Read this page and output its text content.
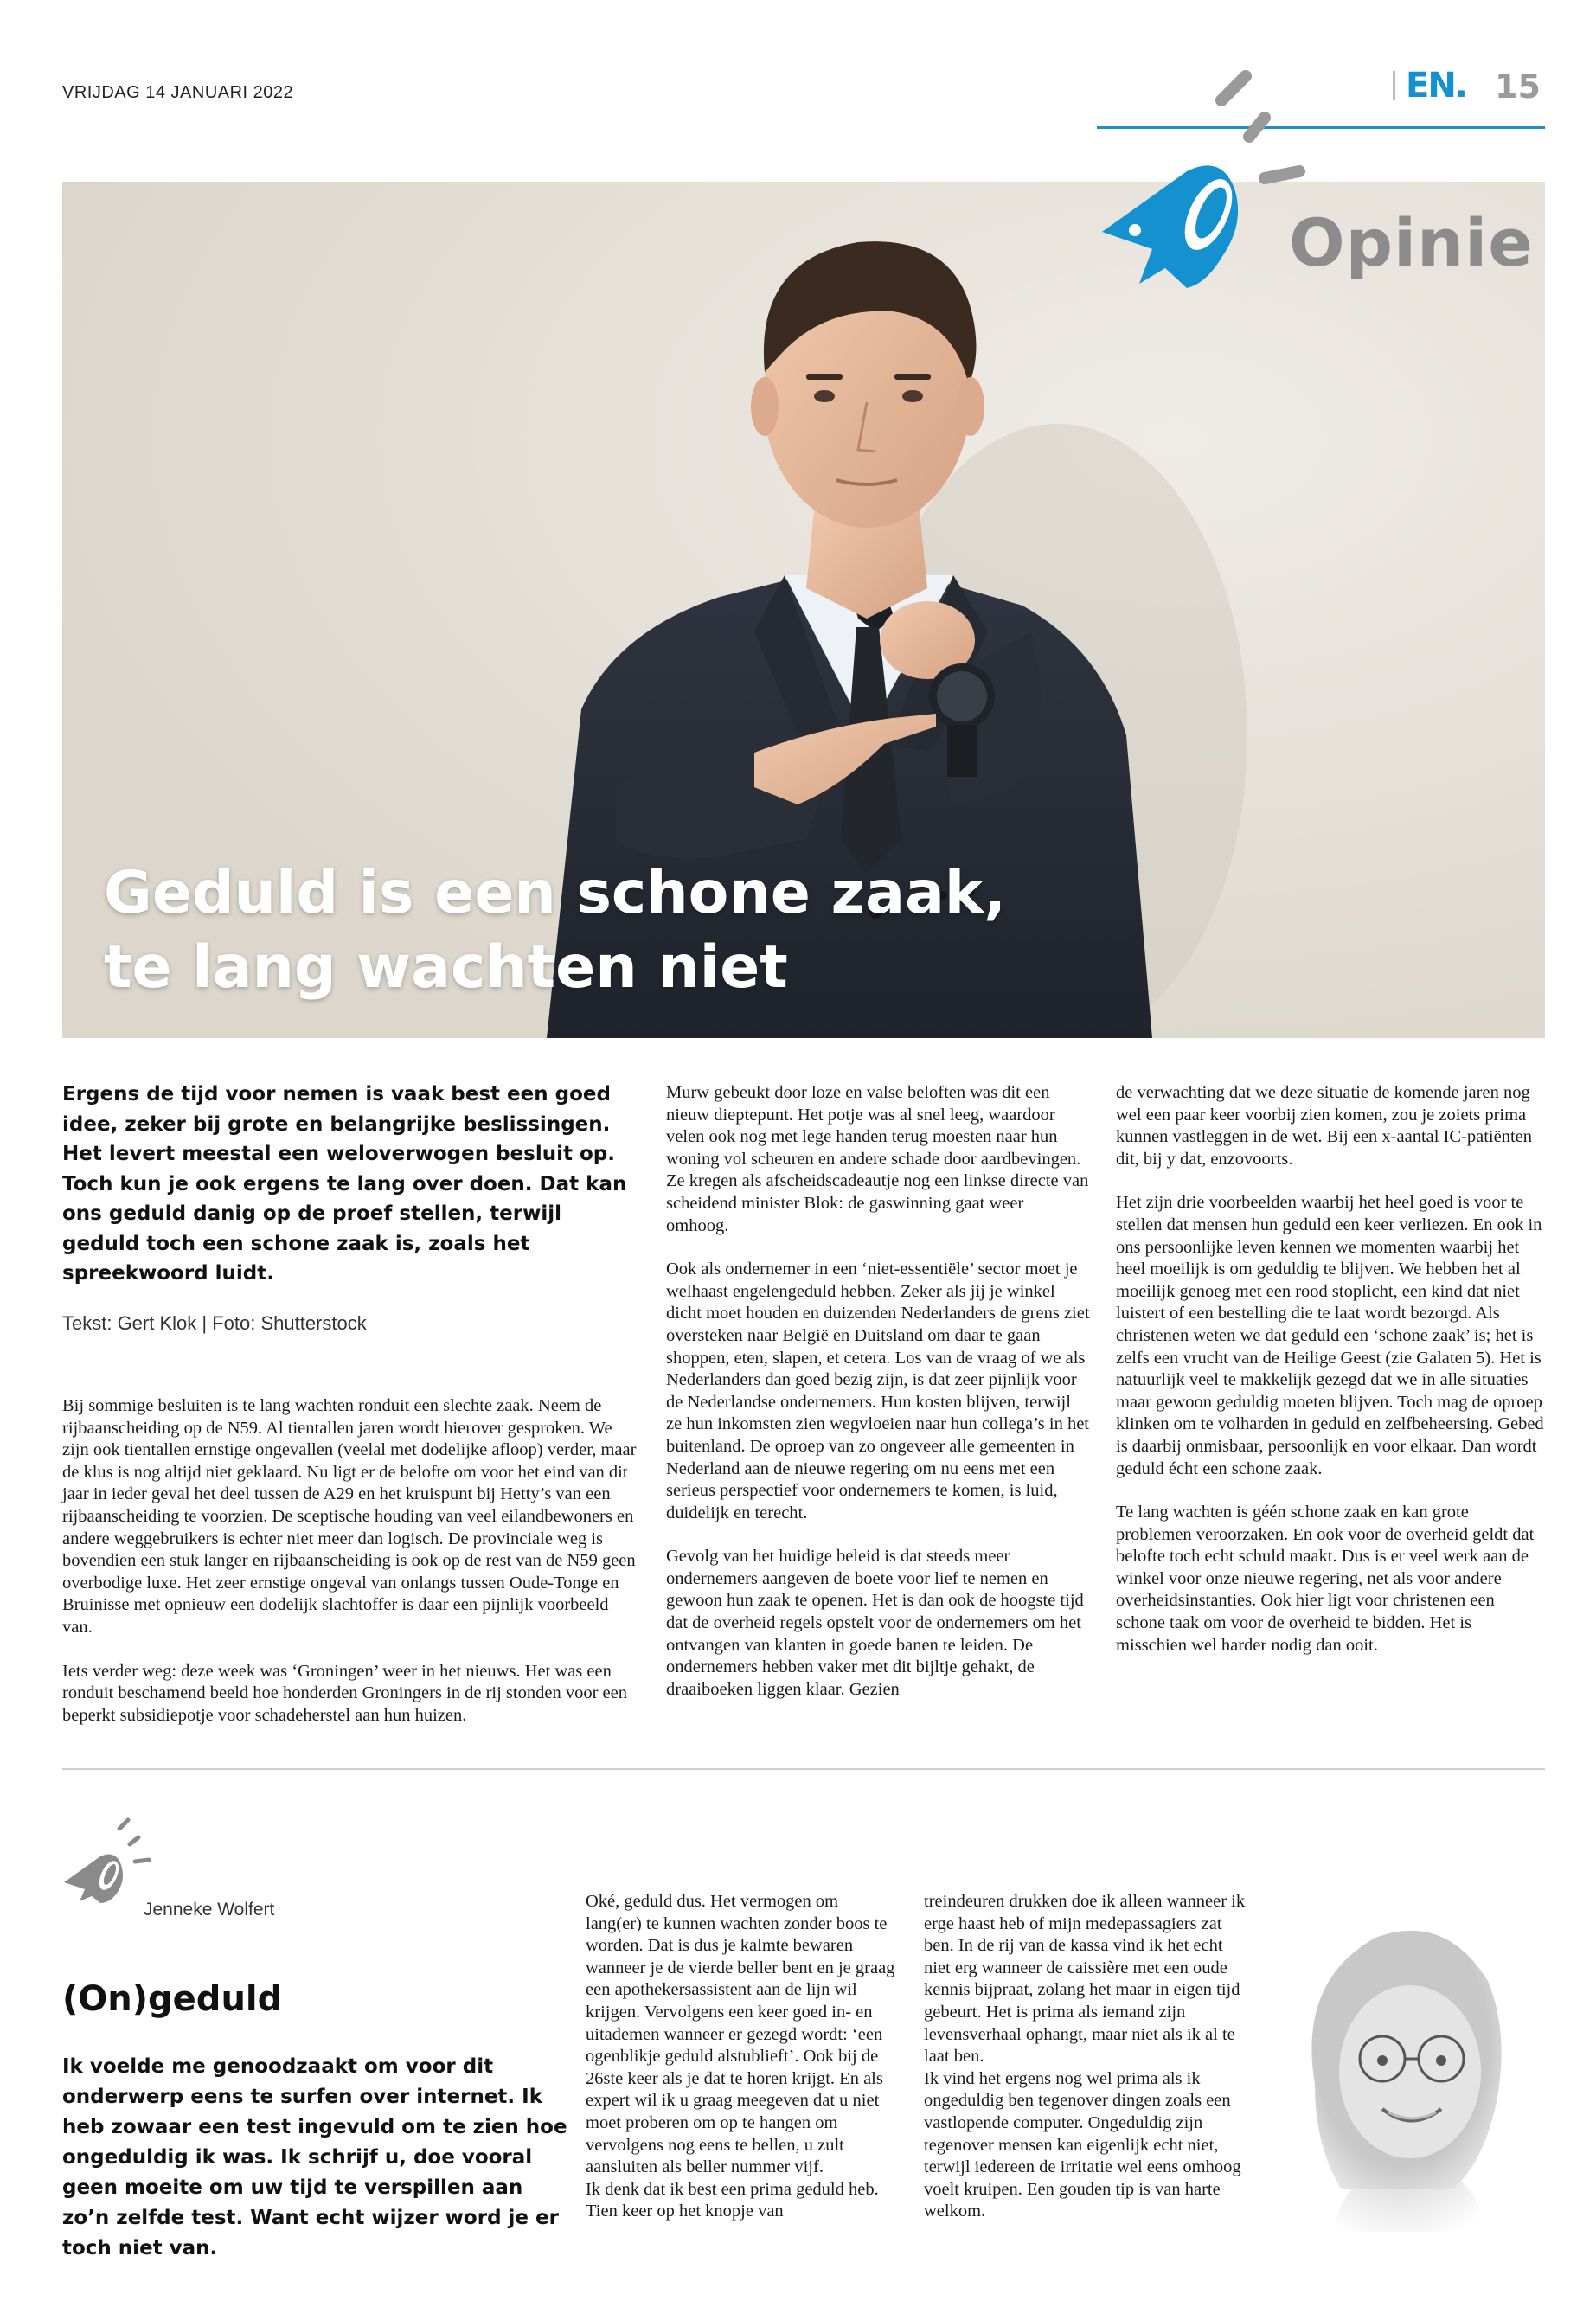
VRIJDAG 14 JANUARI 2022	EN. 15
Geduld is een schone zaak,
te lang wachten niet
Opinie
Ergens de tijd voor nemen is vaak best een goed idee, zeker bij grote en belangrijke beslissingen. Het levert meestal een weloverwogen besluit op. Toch kun je ook ergens te lang over doen. Dat kan ons geduld danig op de proef stellen, terwijl geduld toch een schone zaak is, zoals het spreekwoord luidt.
Tekst: Gert Klok | Foto: Shutterstock

Bij sommige besluiten is te lang wachten ronduit een slechte zaak. Neem de rijbaanscheiding op de N59. Al tientallen jaren wordt hierover gesproken. We zijn ook tientallen ernstige ongevallen (veelal met dodelijke afloop) verder, maar de klus is nog altijd niet geklaard. Nu ligt er de belofte om voor het eind van dit jaar in ieder geval het deel tussen de A29 en het kruispunt bij Hetty’s van een rijbaanscheiding te voorzien. De sceptische houding van veel eilandbewoners en andere weggebruikers is echter niet meer dan logisch. De provinciale weg is bovendien een stuk langer en rijbaanscheiding is ook op de rest van de N59 geen overbodige luxe. Het zeer ernstige ongeval van onlangs tussen Oude-Tonge en Bruinisse met opnieuw een dodelijk slachtoffer is daar een pijnlijk voorbeeld van.

Iets verder weg: deze week was ‘Groningen’ weer in het nieuws. Het was een ronduit beschamend beeld hoe honderden Groningers in de rij stonden voor een beperkt subsidiepotje voor schadeherstel aan hun huizen.

Murw gebeukt door loze en valse beloften was dit een nieuw dieptepunt. Het potje was al snel leeg, waardoor velen ook nog met lege handen terug moesten naar hun woning vol scheuren en andere schade door aardbevingen. Ze kregen als afscheidscadeautje nog een linkse directe van scheidend minister Blok: de gaswinning gaat weer omhoog.

Ook als ondernemer in een ‘niet-essentiële’ sector moet je welhaast engelengeduld hebben. Zeker als jij je winkel dicht moet houden en duizenden Nederlanders de grens ziet oversteken naar België en Duitsland om daar te gaan shoppen, eten, slapen, et cetera. Los van de vraag of we als Nederlanders dan goed bezig zijn, is dat zeer pijnlijk voor de Nederlandse ondernemers. Hun kosten blijven, terwijl ze hun inkomsten zien wegvloeien naar hun collega’s in het buitenland. De oproep van zo ongeveer alle gemeenten in Nederland aan de nieuwe regering om nu eens met een serieus perspectief voor ondernemers te komen, is luid, duidelijk en terecht.

Gevolg van het huidige beleid is dat steeds meer ondernemers aangeven de boete voor lief te nemen en gewoon hun zaak te openen. Het is dan ook de hoogste tijd dat de overheid regels opstelt voor de ondernemers om het ontvangen van klanten in goede banen te leiden. De ondernemers hebben vaker met dit bijltje gehakt, de draaiboeken liggen klaar. Gezien

de verwachting dat we deze situatie de komende jaren nog wel een paar keer voorbij zien komen, zou je zoiets prima kunnen vastleggen in de wet. Bij een x-aantal IC-patiënten dit, bij y dat, enzovoorts.

Het zijn drie voorbeelden waarbij het heel goed is voor te stellen dat mensen hun geduld een keer verliezen. En ook in ons persoonlijke leven kennen we momenten waarbij het heel moeilijk is om geduldig te blijven. We hebben het al moeilijk genoeg met een rood stoplicht, een kind dat niet luistert of een bestelling die te laat wordt bezorgd. Als christenen weten we dat geduld een ‘schone zaak’ is; het is zelfs een vrucht van de Heilige Geest (zie Galaten 5). Het is natuurlijk veel te makkelijk gezegd dat we in alle situaties maar gewoon geduldig moeten blijven. Toch mag de oproep klinken om te volharden in geduld en zelfbeheersing. Gebed is daarbij onmisbaar, persoonlijk en voor elkaar. Dan wordt geduld écht een schone zaak.

Te lang wachten is géén schone zaak en kan grote problemen veroorzaken. En ook voor de overheid geldt dat belofte toch echt schuld maakt. Dus is er veel werk aan de winkel voor onze nieuwe regering, net als voor andere overheidsinstanties. Ook hier ligt voor christenen een schone taak om voor de overheid te bidden. Het is misschien wel harder nodig dan ooit.

Jenneke Wolfert
(On)geduld
Ik voelde me genoodzaakt om voor dit onderwerp eens te surfen over internet. Ik heb zowaar een test ingevuld om te zien hoe ongeduldig ik was. Ik schrijf u, doe vooral geen moeite om uw tijd te verspillen aan zo’n zelfde test. Want echt wijzer word je er toch niet van.

Oké, geduld dus. Het vermogen om lang(er) te kunnen wachten zonder boos te worden. Dat is dus je kalmte bewaren wanneer je de vierde beller bent en je graag een apothekersassistent aan de lijn wil krijgen. Vervolgens een keer goed in- en uitademen wanneer er gezegd wordt: ‘een ogenblikje geduld alstublieft’. Ook bij de 26ste keer als je dat te horen krijgt. En als expert wil ik u graag meegeven dat u niet moet proberen om op te hangen om vervolgens nog eens te bellen, u zult aansluiten als beller nummer vijf.

Ik denk dat ik best een prima geduld heb. Tien keer op het knopje van

treindeuren drukken doe ik alleen wanneer ik erge haast heb of mijn medepassagiers zat ben. In de rij van de kassa vind ik het echt niet erg wanneer de caissière met een oude kennis bijpraat, zolang het maar in eigen tijd gebeurt. Het is prima als iemand zijn levensverhaal ophangt, maar niet als ik al te laat ben.

Ik vind het ergens nog wel prima als ik ongeduldig ben tegenover dingen zoals een vastlopende computer. Ongeduldig zijn tegenover mensen kan eigenlijk echt niet, terwijl iedereen de irritatie wel eens omhoog voelt kruipen. Een gouden tip is van harte welkom.
